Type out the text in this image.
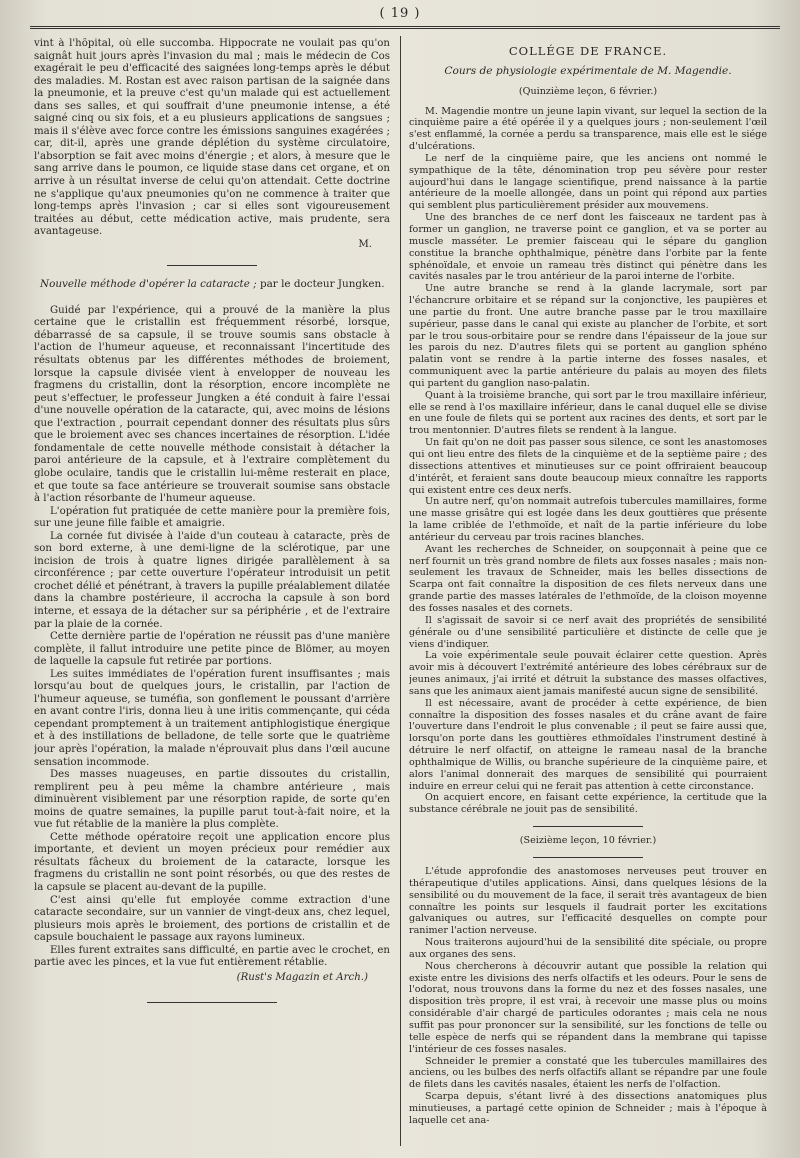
( 19 )

vint à l'hôpital, où elle succomba. Hippocrate ne voulait pas qu'on saignât huit jours après l'invasion du mal ; mais le médecin de Cos exagérait le peu d'efficacité des saignées long-temps après le début des maladies. M. Rostan est avec raison partisan de la saignée dans la pneumonie, et la preuve c'est qu'un malade qui est actuellement dans ses salles, et qui souffrait d'une pneumonie intense, a été saigné cinq ou six fois, et a eu plusieurs applications de sangsues ; mais il s'élève avec force contre les émissions sanguines exagérées ; car, dit-il, après une grande déplétion du système circulatoire, l'absorption se fait avec moins d'énergie ; et alors, à mesure que le sang arrive dans le poumon, ce liquide stase dans cet organe, et on arrive à un résultat inverse de celui qu'on attendait. Cette doctrine ne s'applique qu'aux pneumonies qu'on ne commence à traiter que long-temps après l'invasion ; car si elles sont vigoureusement traitées au début, cette médication active, mais prudente, sera avantageuse.

M.

Nouvelle méthode d'opérer la cataracte ; par le docteur Jungken.

Guidé par l'expérience, qui a prouvé de la manière la plus certaine que le cristallin est fréquemment résorbé, lorsque, débarrassé de sa capsule, il se trouve soumis sans obstacle à l'action de l'humeur aqueuse, et reconnaissant l'incertitude des résultats obtenus par les différentes méthodes de broiement, lorsque la capsule divisée vient à envelopper de nouveau les fragmens du cristallin, dont la résorption, encore incomplète ne peut s'effectuer, le professeur Jungken a été conduit à faire l'essai d'une nouvelle opération de la cataracte, qui, avec moins de lésions que l'extraction , pourrait cependant donner des résultats plus sûrs que le broiement avec ses chances incertaines de résorption. L'idée fondamentale de cette nouvelle méthode consistait à détacher la paroi antérieure de la capsule, et à l'extraire complètement du globe oculaire, tandis que le cristallin lui-même resterait en place, et que toute sa face antérieure se trouverait soumise sans obstacle à l'action résorbante de l'humeur aqueuse.

L'opération fut pratiquée de cette manière pour la première fois, sur une jeune fille faible et amaigrie.

La cornée fut divisée à l'aide d'un couteau à cataracte, près de son bord externe, à une demi-ligne de la sclérotique, par une incision de trois à quatre lignes dirigée parallèlement à sa circonférence ; par cette ouverture l'opérateur introduisit un petit crochet délié et pénétrant, à travers la pupille préalablement dilatée dans la chambre postérieure, il accrocha la capsule à son bord interne, et essaya de la détacher sur sa périphérie , et de l'extraire par la plaie de la cornée.

Cette dernière partie de l'opération ne réussit pas d'une manière complète, il fallut introduire une petite pince de Blömer, au moyen de laquelle la capsule fut retirée par portions.

Les suites immédiates de l'opération furent insuffisantes ; mais lorsqu'au bout de quelques jours, le cristallin, par l'action de l'humeur aqueuse, se tuméfia, son gonflement le poussant d'arrière en avant contre l'iris, donna lieu à une iritis commençante, qui céda cependant promptement à un traitement antiphlogistique énergique et à des instillations de belladone, de telle sorte que le quatrième jour après l'opération, la malade n'éprouvait plus dans l'œil aucune sensation incommode.

Des masses nuageuses, en partie dissoutes du cristallin, remplirent peu à peu même la chambre antérieure , mais diminuèrent visiblement par une résorption rapide, de sorte qu'en moins de quatre semaines, la pupille parut tout-à-fait noire, et la vue fut rétablie de la manière la plus complète.

Cette méthode opératoire reçoit une application encore plus importante, et devient un moyen précieux pour remédier aux résultats fâcheux du broiement de la cataracte, lorsque les fragmens du cristallin ne sont point résorbés, ou que des restes de la capsule se placent au-devant de la pupille.

C'est ainsi qu'elle fut employée comme extraction d'une cataracte secondaire, sur un vannier de vingt-deux ans, chez lequel, plusieurs mois après le broiement, des portions de cristallin et de capsule bouchaient le passage aux rayons lumineux.

Elles furent extraites sans difficulté, en partie avec le crochet, en partie avec les pinces, et la vue fut entièrement rétablie.

(Rust's Magazin et Arch.)

COLLÉGE DE FRANCE.

Cours de physiologie expérimentale de M. Magendie.

(Quinzième leçon, 6 février.)

M. Magendie montre un jeune lapin vivant, sur lequel la section de la cinquième paire a été opérée il y a quelques jours ; non-seulement l'œil s'est enflammé, la cornée a perdu sa transparence, mais elle est le siége d'ulcérations.

Le nerf de la cinquième paire, que les anciens ont nommé le sympathique de la tête, dénomination trop peu sévère pour rester aujourd'hui dans le langage scientifique, prend naissance à la partie antérieure de la moelle allongée, dans un point qui répond aux parties qui semblent plus particulièrement présider aux mouvemens.

Une des branches de ce nerf dont les faisceaux ne tardent pas à former un ganglion, ne traverse point ce ganglion, et va se porter au muscle masséter. Le premier faisceau qui le sépare du ganglion constitue la branche ophthalmique, pénètre dans l'orbite par la fente sphénoïdale, et envoie un rameau très distinct qui pénètre dans les cavités nasales par le trou antérieur de la paroi interne de l'orbite.

Une autre branche se rend à la glande lacrymale, sort par l'échancrure orbitaire et se répand sur la conjonctive, les paupières et une partie du front. Une autre branche passe par le trou maxillaire supérieur, passe dans le canal qui existe au plancher de l'orbite, et sort par le trou sous-orbitaire pour se rendre dans l'épaisseur de la joue sur les parois du nez. D'autres filets qui se portent au ganglion sphéno palatin vont se rendre à la partie interne des fosses nasales, et communiquent avec la partie antérieure du palais au moyen des filets qui partent du ganglion naso-palatin.

Quant à la troisième branche, qui sort par le trou maxillaire inférieur, elle se rend à l'os maxillaire inférieur, dans le canal duquel elle se divise en une foule de filets qui se portent aux racines des dents, et sort par le trou mentonnier. D'autres filets se rendent à la langue.

Un fait qu'on ne doit pas passer sous silence, ce sont les anastomoses qui ont lieu entre des filets de la cinquième et de la septième paire ; des dissections attentives et minutieuses sur ce point offriraient beaucoup d'intérêt, et feraient sans doute beaucoup mieux connaître les rapports qui existent entre ces deux nerfs.

Un autre nerf, qu'on nommait autrefois tubercules mamillaires, forme une masse grisâtre qui est logée dans les deux gouttières que présente la lame criblée de l'ethmoïde, et naît de la partie inférieure du lobe antérieur du cerveau par trois racines blanches.

Avant les recherches de Schneider, on soupçonnait à peine que ce nerf fournit un très grand nombre de filets aux fosses nasales ; mais non-seulement les travaux de Schneider, mais les belles dissections de Scarpa ont fait connaître la disposition de ces filets nerveux dans une grande partie des masses latérales de l'ethmoïde, de la cloison moyenne des fosses nasales et des cornets.

Il s'agissait de savoir si ce nerf avait des propriétés de sensibilité générale ou d'une sensibilité particulière et distincte de celle que je viens d'indiquer.

La voie expérimentale seule pouvait éclairer cette question. Après avoir mis à découvert l'extrémité antérieure des lobes cérébraux sur de jeunes animaux, j'ai irrité et détruit la substance des masses olfactives, sans que les animaux aient jamais manifesté aucun signe de sensibilité.

Il est nécessaire, avant de procéder à cette expérience, de bien connaître la disposition des fosses nasales et du crâne avant de faire l'ouverture dans l'endroit le plus convenable ; il peut se faire aussi que, lorsqu'on porte dans les gouttières ethmoïdales l'instrument destiné à détruire le nerf olfactif, on atteigne le rameau nasal de la branche ophthalmique de Willis, ou branche supérieure de la cinquième paire, et alors l'animal donnerait des marques de sensibilité qui pourraient induire en erreur celui qui ne ferait pas attention à cette circonstance.

On acquiert encore, en faisant cette expérience, la certitude que la substance cérébrale ne jouit pas de sensibilité.

(Seizième leçon, 10 février.)

L'étude approfondie des anastomoses nerveuses peut trouver en thérapeutique d'utiles applications. Ainsi, dans quelques lésions de la sensibilité ou du mouvement de la face, il serait très avantageux de bien connaître les points sur lesquels il faudrait porter les excitations galvaniques ou autres, sur l'efficacité desquelles on compte pour ranimer l'action nerveuse.

Nous traiterons aujourd'hui de la sensibilité dite spéciale, ou propre aux organes des sens.

Nous chercherons à découvrir autant que possible la relation qui existe entre les divisions des nerfs olfactifs et les odeurs. Pour le sens de l'odorat, nous trouvons dans la forme du nez et des fosses nasales, une disposition très propre, il est vrai, à recevoir une masse plus ou moins considérable d'air chargé de particules odorantes ; mais cela ne nous suffit pas pour prononcer sur la sensibilité, sur les fonctions de telle ou telle espèce de nerfs qui se répandent dans la membrane qui tapisse l'intérieur de ces fosses nasales.

Schneider le premier a constaté que les tubercules mamillaires des anciens, ou les bulbes des nerfs olfactifs allant se répandre par une foule de filets dans les cavités nasales, étaient les nerfs de l'olfaction.

Scarpa depuis, s'étant livré à des dissections anatomiques plus minutieuses, a partagé cette opinion de Schneider ; mais à l'époque à laquelle cet ana-
